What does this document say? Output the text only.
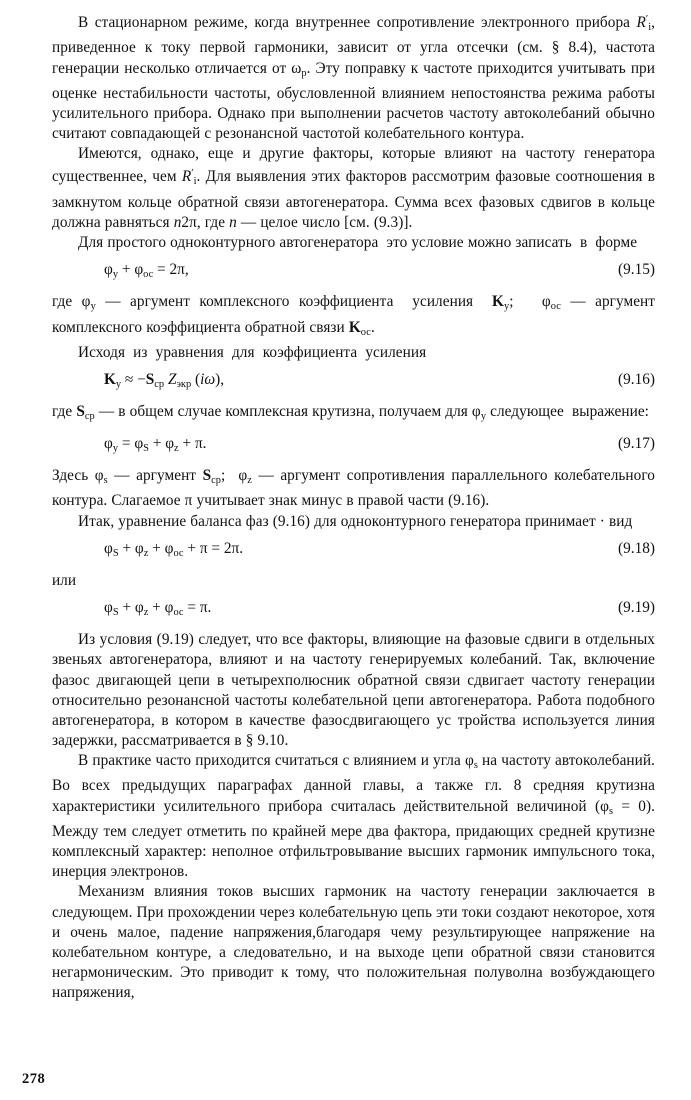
В стационарном режиме, когда внутреннее сопротивление электронного прибора $R'_i$, приведенное к току первой гармоники, зависит от угла отсечки (см. § 8.4), частота генерации несколько отличается от $\omega_p$. Эту поправку к частоте приходится учитывать при оценке нестабильности частоты, обусловленной влиянием непостоянства режима работы усилительного прибора. Однако при выполнении расчетов частоту автоколебаний обычно считают совпадающей с резонансной частотой колебательного контура.

Имеются, однако, еще и другие факторы, которые влияют на частоту генератора существеннее, чем $R'_i$. Для выявления этих факторов рассмотрим фазовые соотношения в замкнутом кольце обратной связи автогенератора. Сумма всех фазовых сдвигов в кольце должна равняться n2π, где n — целое число [см. (9.3)].

Для простого одноконтурного автогенератора  это условие можно записать  в  форме

$\varphi_у + \varphi_{ос} = 2\pi$,	(9.15)

где $\varphi_у$ — аргумент комплексного коэффициента  усиления  $K_у$;   $\varphi_{ос}$ — аргумент комплексного коэффициента обратной связи $K_{ос}$.

Исходя  из  уравнения  для  коэффициента  усиления

$K_у \approx -S_{ср}$ $Z_{экр}$ (iω),	(9.16)

где $S_{ср}$ — в общем случае комплексная крутизна, получаем для $\varphi_у$ следующее  выражение:

$\varphi_у = \varphi_S + \varphi_z + \pi$.	(9.17)

Здесь $\varphi_s$ — аргумент $S_{ср}$;  $\varphi_z$ — аргумент сопротивления параллельного колебательного контура. Слагаемое π учитывает знак минус в правой части (9.16).

Итак, уравнение баланса фаз (9.16) для одноконтурного генератора принимает · вид

$\varphi_S + \varphi_z + \varphi_{ос} + \pi = 2\pi$.	(9.18)
или
$\varphi_S + \varphi_z + \varphi_{ос} = \pi$.	(9.19)

Из условия (9.19) следует, что все факторы, влияющие на фазовые сдвиги в отдельных звеньях автогенератора, влияют и на частоту генерируемых колебаний. Так, включение фазос двигающей цепи в четырехполюсник обратной связи сдвигает частоту генерации относительно резонансной частоты колебательной цепи автогенератора. Работа подобного автогенератора, в котором в качестве фазосдвигающего ус тройства используется линия задержки, рассматривается в § 9.10.

В практике часто приходится считаться с влиянием и угла $\varphi_s$ на частоту автоколебаний. Во всех предыдущих параграфах данной главы, а также гл. 8 средняя крутизна характеристики усилительного прибора считалась действительной величиной $(\varphi_s = 0)$. Между тем следует отметить по крайней мере два фактора, придающих средней крутизне комплексный характер: неполное отфильтровывание высших гармоник импульсного тока, инерция электронов.

Механизм влияния токов высших гармоник на частоту генерации заключается в следующем. При прохождении через колебательную цепь эти токи создают некоторое, хотя и очень малое, падение напряжения,благодаря чему результирующее напряжение на колебательном контуре, а следовательно, и на выходе цепи обратной связи становится негармоническим. Это приводит к тому, что положительная полуволна возбуждающего напряжения,

278
